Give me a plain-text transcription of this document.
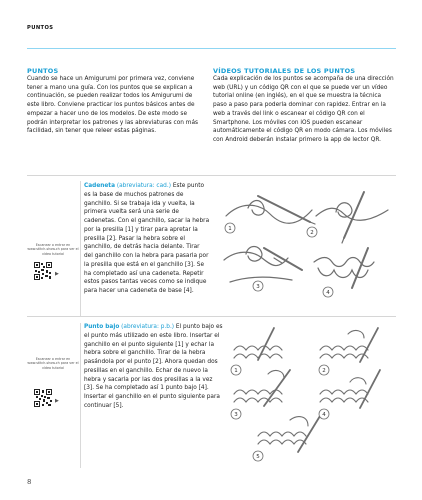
PUNTOS
PUNTOS

Cuando se hace un Amigurumi por primera vez, conviene tener a mano una guía. Con los puntos que se explican a continuación, se pueden realizar todos los Amigurumi de este libro. Conviene practicar los puntos básicos antes de empezar a hacer uno de los modelos. De este modo se podrán interpretar los patrones y las abreviaturas con más facilidad, sin tener que releer estas páginas.

VÍDEOS TUTORIALES DE LOS PUNTOS

Cada explicación de los puntos se acompaña de una dirección web (URL) y un código QR con el que se puede ver un vídeo tutorial online (en inglés), en el que se muestra la técnica paso a paso para poderla dominar con rapidez. Entrar en la web a través del link o escanear el código QR con el Smartphone. Los móviles con iOS pueden escanear automáticamente el código QR en modo cámara. Los móviles con Android deberán instalar primero la app de lector QR.

Escanear o entrar en www.stitch-show.ch para ver el vídeo tutorial
▶
Cadeneta (abreviatura: cad.) Este punto es la base de muchos patrones de ganchillo. Si se trabaja ida y vuelta, la primera vuelta será una serie de cadenetas. Con el ganchillo, sacar la hebra por la presilla [1] y tirar para apretar la presilla [2]. Pasar la hebra sobre el ganchillo, de detrás hacia delante. Tirar del ganchillo con la hebra para pasarla por la presilla que está en el ganchillo [3]. Se ha completado así una cadeneta. Repetir estos pasos tantas veces como se indique para hacer una cadeneta de base [4].
1
2
3
4
Escanear o entrar en www.stitch-show.ch para ver el vídeo tutorial
▶
Punto bajo (abreviatura: p.b.) El punto bajo es el punto más utilizado en este libro. Insertar el ganchillo en el punto siguiente [1] y echar la hebra sobre el ganchillo. Tirar de la hebra pasándola por el punto [2]. Ahora quedan dos presillas en el ganchillo. Echar de nuevo la hebra y sacarla por las dos presillas a la vez [3]. Se ha completado así 1 punto bajo [4]. Insertar el ganchillo en el punto siguiente para continuar [5].
1	2
3	4
5
8
